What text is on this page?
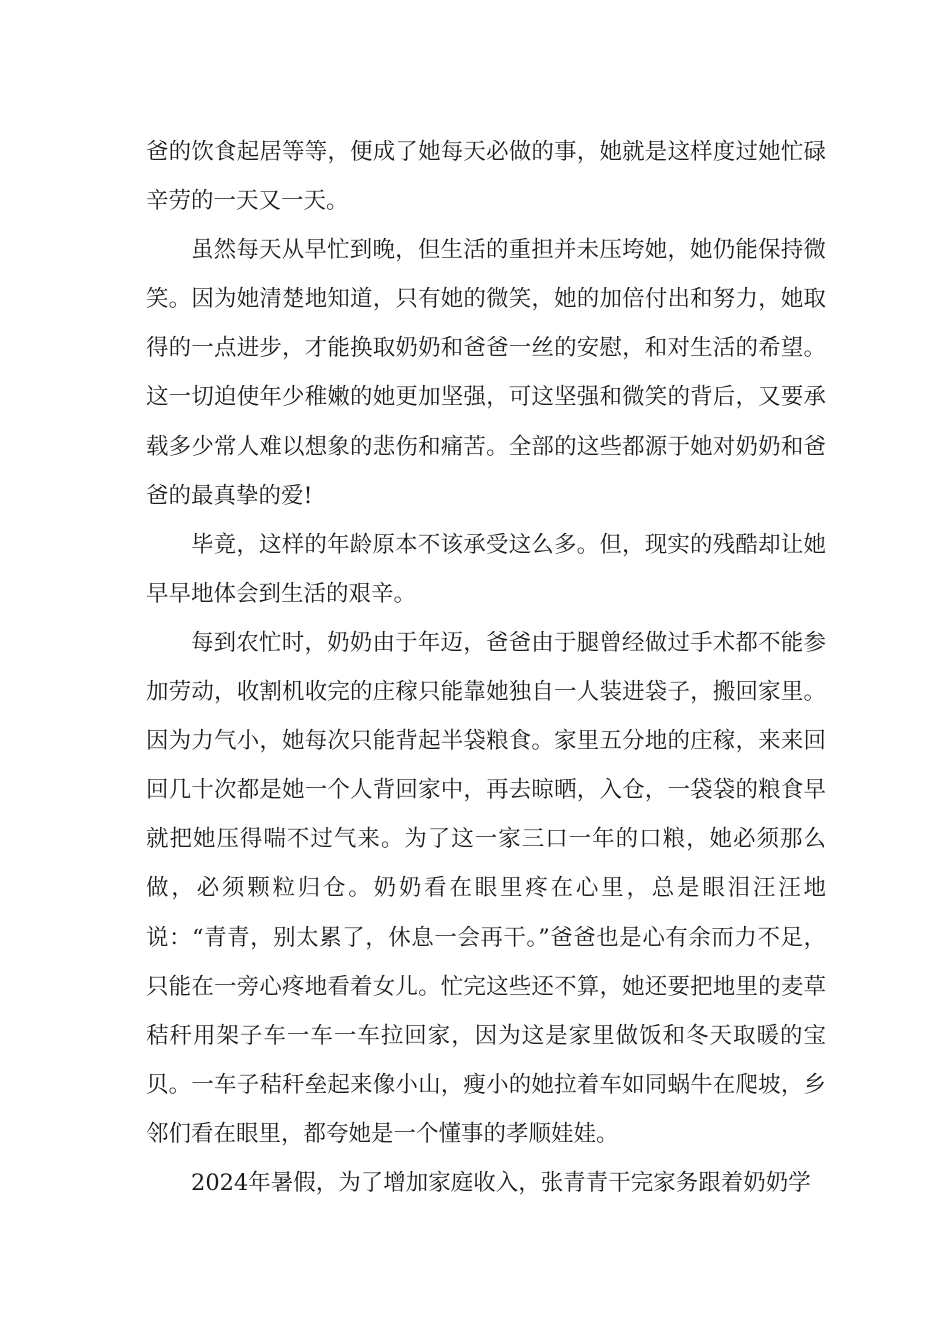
爸的饮食起居等等，便成了她每天必做的事，她就是这样度过她忙碌辛劳的一天又一天。

虽然每天从早忙到晚，但生活的重担并未压垮她，她仍能保持微笑。因为她清楚地知道，只有她的微笑，她的加倍付出和努力，她取得的一点进步，才能换取奶奶和爸爸一丝的安慰，和对生活的希望。这一切迫使年少稚嫩的她更加坚强，可这坚强和微笑的背后，又要承载多少常人难以想象的悲伤和痛苦。全部的这些都源于她对奶奶和爸爸的最真挚的爱!

毕竟，这样的年龄原本不该承受这么多。但，现实的残酷却让她早早地体会到生活的艰辛。

每到农忙时，奶奶由于年迈，爸爸由于腿曾经做过手术都不能参加劳动，收割机收完的庄稼只能靠她独自一人装进袋子，搬回家里。因为力气小，她每次只能背起半袋粮食。家里五分地的庄稼，来来回回几十次都是她一个人背回家中，再去晾晒，入仓，一袋袋的粮食早就把她压得喘不过气来。为了这一家三口一年的口粮，她必须那么做，必须颗粒归仓。奶奶看在眼里疼在心里，总是眼泪汪汪地说：“青青，别太累了，休息一会再干。”爸爸也是心有余而力不足，只能在一旁心疼地看着女儿。忙完这些还不算，她还要把地里的麦草秸秆用架子车一车一车拉回家，因为这是家里做饭和冬天取暖的宝贝。一车子秸秆垒起来像小山，瘦小的她拉着车如同蜗牛在爬坡，乡邻们看在眼里，都夸她是一个懂事的孝顺娃娃。

2024年暑假，为了增加家庭收入，张青青干完家务跟着奶奶学
